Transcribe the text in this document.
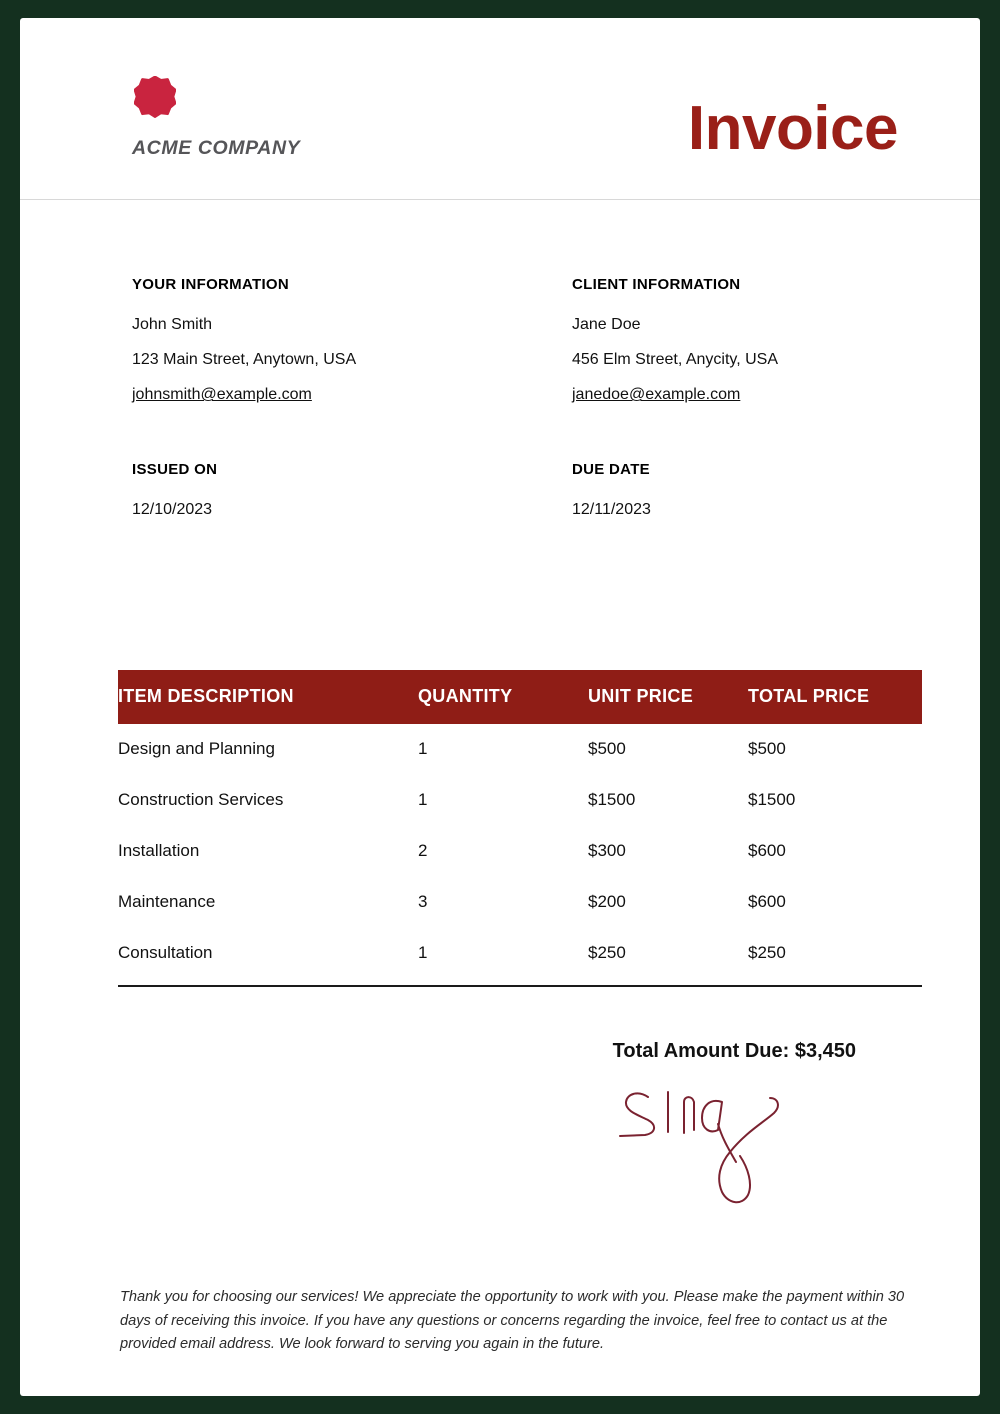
ACME COMPANY	Invoice
YOUR INFORMATION
John Smith
123 Main Street, Anytown, USA
johnsmith@example.com
CLIENT INFORMATION
Jane Doe
456 Elm Street, Anycity, USA
janedoe@example.com
ISSUED ON
12/10/2023
DUE DATE
12/11/2023
ITEM DESCRIPTION	QUANTITY	UNIT PRICE	TOTAL PRICE
Design and Planning	1	$500	$500
Construction Services	1	$1500	$1500
Installation	2	$300	$600
Maintenance	3	$200	$600
Consultation	1	$250	$250
Total Amount Due: $3,450
Thank you for choosing our services! We appreciate the opportunity to work with you. Please make the payment within 30 days of receiving this invoice. If you have any questions or concerns regarding the invoice, feel free to contact us at the provided email address. We look forward to serving you again in the future.
